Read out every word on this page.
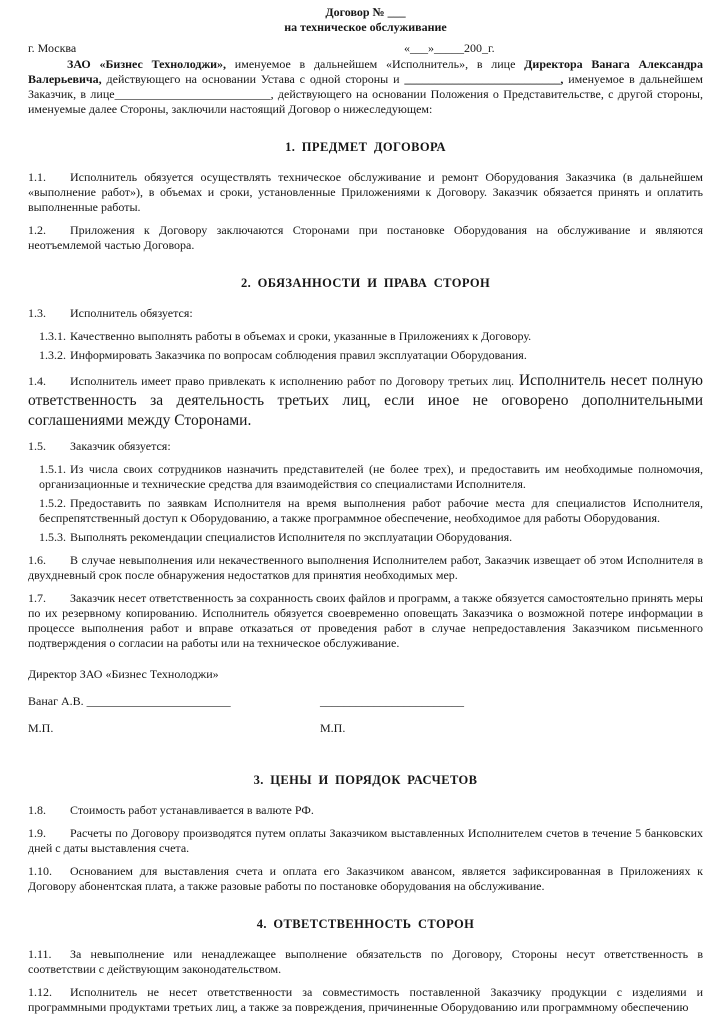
Договор № ___
на техническое обслуживание
г. Москва	«___»_____200_г.

ЗАО «Бизнес Технолоджи», именуемое в дальнейшем «Исполнитель», в лице Директора Ванага Александра Валерьевича, действующего на основании Устава с одной стороны и __________________________, именуемое в дальнейшем Заказчик, в лице__________________________, действующего на основании Положения о Представительстве, с другой стороны, именуемые далее Стороны, заключили настоящий Договор о нижеследующем:

1. ПРЕДМЕТ ДОГОВОРА

1.1. Исполнитель обязуется осуществлять техническое обслуживание и ремонт Оборудования Заказчика (в дальнейшем «выполнение работ»), в объемах и сроки, установленные Приложениями к Договору. Заказчик обязается принять и оплатить выполненные работы.

1.2. Приложения к Договору заключаются Сторонами при постановке Оборудования на обслуживание и являются неотъемлемой частью Договора.

2. ОБЯЗАННОСТИ И ПРАВА СТОРОН

1.3. Исполнитель обязуется:

1.3.1. Качественно выполнять работы в объемах и сроки, указанные в Приложениях к Договору.

1.3.2. Информировать Заказчика по вопросам соблюдения правил эксплуатации Оборудования.

1.4. Исполнитель имеет право привлекать к исполнению работ по Договору третьих лиц. Исполнитель несет полную ответственность за деятельность третьих лиц, если иное не оговорено дополнительными соглашениями между Сторонами.

1.5. Заказчик обязуется:

1.5.1. Из числа своих сотрудников назначить представителей (не более трех), и предоставить им необходимые полномочия, организационные и технические средства для взаимодействия со специалистами Исполнителя.

1.5.2. Предоставить по заявкам Исполнителя на время выполнения работ рабочие места для специалистов Исполнителя, беспрепятственный доступ к Оборудованию, а также программное обеспечение, необходимое для работы Оборудования.

1.5.3. Выполнять рекомендации специалистов Исполнителя по эксплуатации Оборудования.

1.6. В случае невыполнения или некачественного выполнения Исполнителем работ, Заказчик извещает об этом Исполнителя в двухдневный срок после обнаружения недостатков для принятия необходимых мер.

1.7. Заказчик несет ответственность за сохранность своих файлов и программ, а также обязуется самостоятельно принять меры по их резервному копированию. Исполнитель обязуется своевременно оповещать Заказчика о возможной потере информации в процессе выполнения работ и вправе отказаться от проведения работ в случае непредоставления Заказчиком письменного подтверждения о согласии на работы или на техническое обслуживание.

Директор ЗАО «Бизнес Технолоджи»
Ванаг А.В. ________________________	________________________
М.П.	М.П.
3. ЦЕНЫ И ПОРЯДОК РАСЧЕТОВ

1.8. Стоимость работ устанавливается в валюте РФ.

1.9. Расчеты по Договору производятся путем оплаты Заказчиком выставленных Исполнителем счетов в течение 5 банковских дней с даты выставления счета.

1.10. Основанием для выставления счета и оплата его Заказчиком авансом, является зафиксированная в Приложениях к Договору абонентская плата, а также разовые работы по постановке оборудования на обслуживание.

4. ОТВЕТСТВЕННОСТЬ СТОРОН

1.11. За невыполнение или ненадлежащее выполнение обязательств по Договору, Стороны несут ответственность в соответствии с действующим законодательством.

1.12. Исполнитель не несет ответственности за совместимость поставленной Заказчику продукции с изделиями и программными продуктами третьих лиц, а также за повреждения, причиненные Оборудованию или программному обеспечению
